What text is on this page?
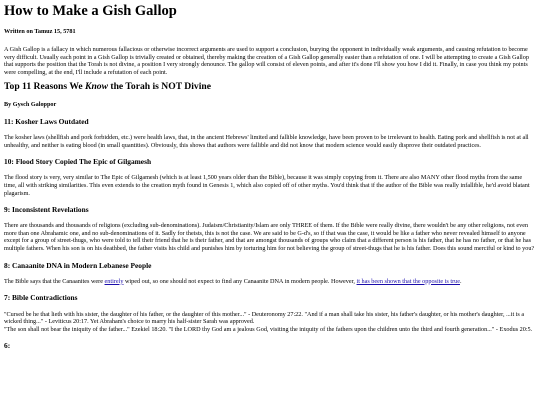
How to Make a Gish Gallop
Written on Tamuz 15, 5781

A Gish Gallop is a fallacy in which numerous fallacious or otherwise incorrect arguments are used to support a conclusion, burying the opponent in individually weak arguments, and causing refutation to become very difficult. Usually each point in a Gish Gallop is trivially created or obtained, thereby making the creation of a Gish Gallop generally easier than a refutation of one. I will be attempting to create a Gish Gallop that supports the position that the Torah is not divine, a position I very strongly denounce. The gallop will consist of eleven points, and after it's done I'll show you how I did it. Finally, in case you think my points were compelling, at the end, I'll include a refutation of each point.

Top 11 Reasons We Know the Torah is NOT Divine
By Gysch Galoppor
11: Kosher Laws Outdated

The kosher laws (shellfish and pork forbidden, etc.) were health laws, that, in the ancient Hebrews' limited and fallible knowledge, have been proven to be irrelevant to health. Eating pork and shellfish is not at all unhealthy, and neither is eating blood (in small quantities). Obviously, this shows that authors were fallible and did not know that modern science would easily disprove their outdated practices.

10: Flood Story Copied The Epic of Gilgamesh

The flood story is very, very similar to The Epic of Gilgamesh (which is at least 1,500 years older than the Bible), because it was simply copying from it. There are also MANY other flood myths from the same time, all with striking similarities. This even extends to the creation myth found in Genesis 1, which also copied off of other myths. You'd think that if the author of the Bible was really infallible, he'd avoid blatant plagarism.

9: Inconsistent Revelations

There are thousands and thousands of religions (excluding sub-denominations). Judaism/Christianity/Islam are only THREE of them. If the Bible were really divine, there wouldn't be any other religions, not even more than one Abrahamic one, and no sub-denominations of it. Sadly for theists, this is not the case. We are said to be G-d's, so if that was the case, it would be like a father who never revealed himself to anyone except for a group of street-thugs, who were told to tell their friend that he is their father, and that are amongst thousands of groups who claim that a different person is his father, that he has no father, or that he has multiple fathers. When his son is on his deathbed, the father visits his child and punishes him by torturing him for not believing the group of street-thugs that he is his father. Does this sound merciful or kind to you?

8: Canaanite DNA in Modern Lebanese People

The Bible says that the Canaanites were entirely wiped out, so one should not expect to find any Canaanite DNA in modern people. However, it has been shown that the opposite is true.

7: Bible Contradictions

"Cursed be he that lieth with his sister, the daughter of his father, or the daughter of this mother..." - Deuteronomy 27:22. "And if a man shall take his sister, his father's daughter, or his mother's daughter, ...it is a wicked thing..." - Leviticus 20:17. Yet Abraham's choice to marry his half-sister Sarah was approved.
"The son shall not bear the iniquity of the father..." Ezekiel 18:20. "I the LORD thy God am a jealous God, visiting the iniquity of the fathers upon the children unto the third and fourth generation..." - Exodus 20:5.

6:
